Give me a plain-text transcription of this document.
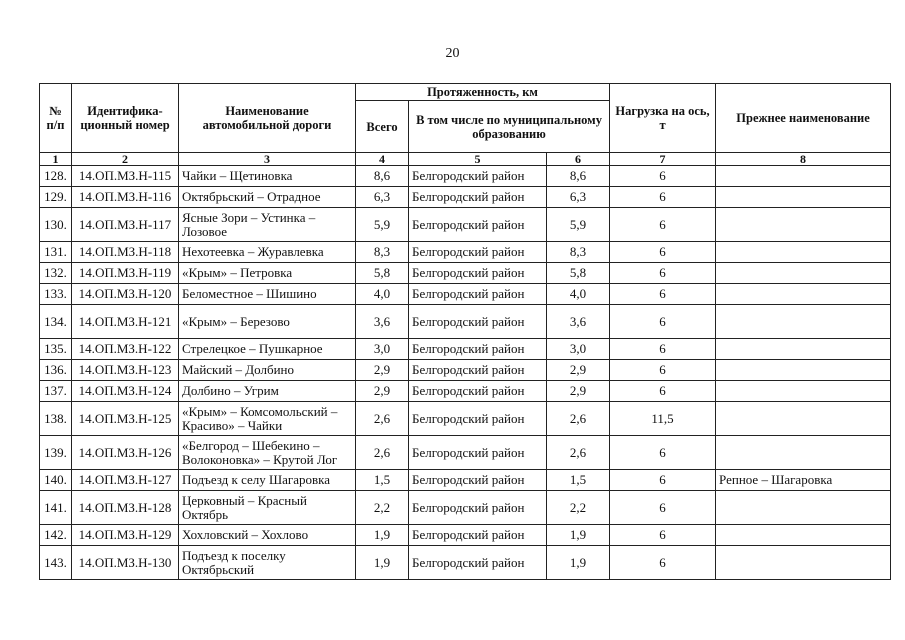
20
№ п/п	Идентифика-ционный номер	Наименование автомобильной дороги	Протяженность, км			Нагрузка на ось, т	Прежнее наименование
			Всего	В том числе по муниципальному образованию			
1	2	3	4	5	6	7	8
128.	14.ОП.МЗ.Н-115	Чайки – Щетиновка	8,6	Белгородский район	8,6	6	
129.	14.ОП.МЗ.Н-116	Октябрьский – Отрадное	6,3	Белгородский район	6,3	6	
130.	14.ОП.МЗ.Н-117	Ясные Зори – Устинка – Лозовое	5,9	Белгородский район	5,9	6	
131.	14.ОП.МЗ.Н-118	Нехотеевка – Журавлевка	8,3	Белгородский район	8,3	6	
132.	14.ОП.МЗ.Н-119	«Крым» – Петровка	5,8	Белгородский район	5,8	6	
133.	14.ОП.МЗ.Н-120	Беломестное – Шишино	4,0	Белгородский район	4,0	6	
134.	14.ОП.МЗ.Н-121	«Крым» – Березово	3,6	Белгородский район	3,6	6	
135.	14.ОП.МЗ.Н-122	Стрелецкое – Пушкарное	3,0	Белгородский район	3,0	6	
136.	14.ОП.МЗ.Н-123	Майский – Долбино	2,9	Белгородский район	2,9	6	
137.	14.ОП.МЗ.Н-124	Долбино – Угрим	2,9	Белгородский район	2,9	6	
138.	14.ОП.МЗ.Н-125	«Крым» – Комсомольский – Красиво» – Чайки	2,6	Белгородский район	2,6	11,5	
139.	14.ОП.МЗ.Н-126	«Белгород – Шебекино – Волоконовка» – Крутой Лог	2,6	Белгородский район	2,6	6	
140.	14.ОП.МЗ.Н-127	Подъезд к селу Шагаровка	1,5	Белгородский район	1,5	6	Репное – Шагаровка
141.	14.ОП.МЗ.Н-128	Церковный – Красный Октябрь	2,2	Белгородский район	2,2	6	
142.	14.ОП.МЗ.Н-129	Хохловский – Хохлово	1,9	Белгородский район	1,9	6	
143.	14.ОП.МЗ.Н-130	Подъезд к поселку Октябрьский	1,9	Белгородский район	1,9	6	
